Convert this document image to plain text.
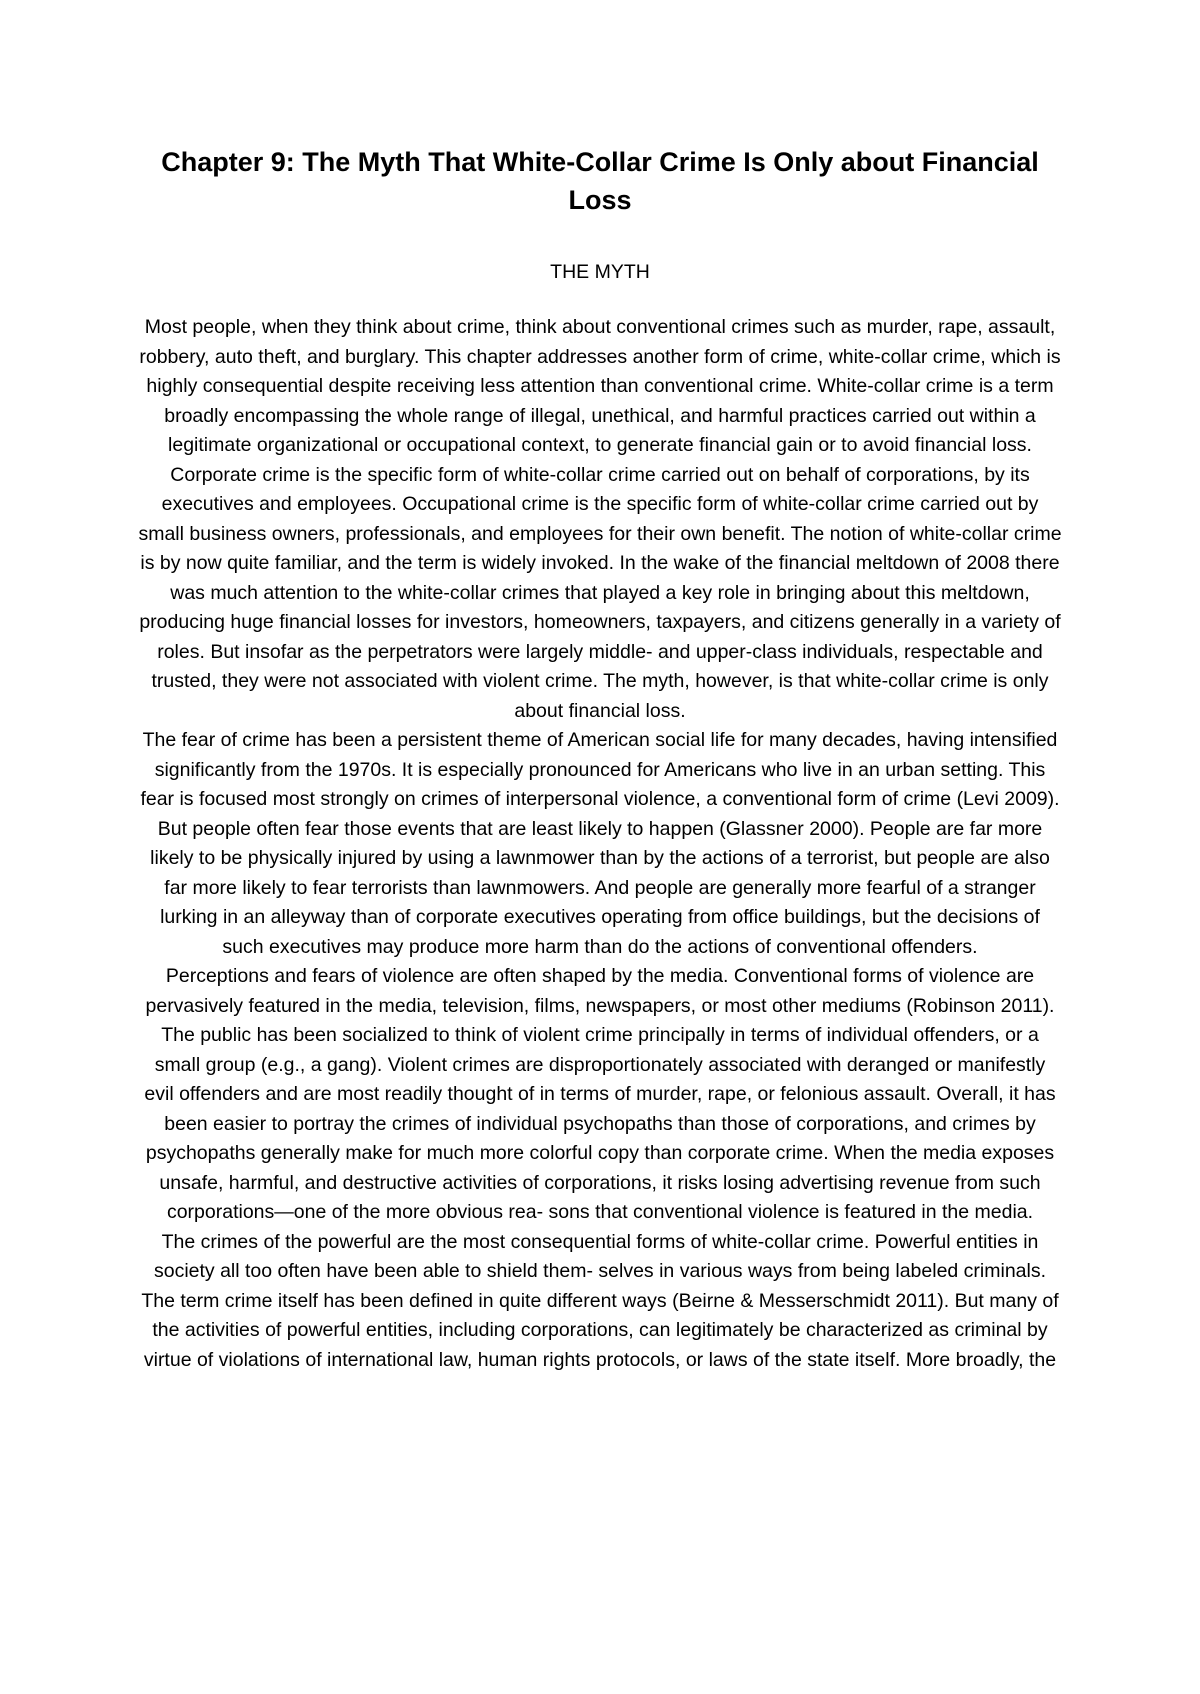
Chapter 9: The Myth That White-Collar Crime Is Only about Financial Loss
THE MYTH

Most people, when they think about crime, think about conventional crimes such as murder, rape, assault, robbery, auto theft, and burglary. This chapter addresses another form of crime, white-collar crime, which is highly consequential despite receiving less attention than conventional crime. White-collar crime is a term broadly encompassing the whole range of illegal, unethical, and harmful practices carried out within a legitimate organizational or occupational context, to generate financial gain or to avoid financial loss. Corporate crime is the specific form of white-collar crime carried out on behalf of corporations, by its executives and employees. Occupational crime is the specific form of white-collar crime carried out by small business owners, professionals, and employees for their own benefit. The notion of white-collar crime is by now quite familiar, and the term is widely invoked. In the wake of the financial meltdown of 2008 there was much attention to the white-collar crimes that played a key role in bringing about this meltdown, producing huge financial losses for investors, homeowners, taxpayers, and citizens generally in a variety of roles. But insofar as the perpetrators were largely middle- and upper-class individuals, respectable and trusted, they were not associated with violent crime. The myth, however, is that white-collar crime is only about financial loss.

The fear of crime has been a persistent theme of American social life for many decades, having intensified significantly from the 1970s. It is especially pronounced for Americans who live in an urban setting. This fear is focused most strongly on crimes of interpersonal violence, a conventional form of crime (Levi 2009). But people often fear those events that are least likely to happen (Glassner 2000). People are far more likely to be physically injured by using a lawnmower than by the actions of a terrorist, but people are also far more likely to fear terrorists than lawnmowers. And people are generally more fearful of a stranger lurking in an alleyway than of corporate executives operating from office buildings, but the decisions of such executives may produce more harm than do the actions of conventional offenders.

Perceptions and fears of violence are often shaped by the media. Conventional forms of violence are pervasively featured in the media, television, films, newspapers, or most other mediums (Robinson 2011). The public has been socialized to think of violent crime principally in terms of individual offenders, or a small group (e.g., a gang). Violent crimes are disproportionately associated with deranged or manifestly evil offenders and are most readily thought of in terms of murder, rape, or felonious assault. Overall, it has been easier to portray the crimes of individual psychopaths than those of corporations, and crimes by psychopaths generally make for much more colorful copy than corporate crime. When the media exposes unsafe, harmful, and destructive activities of corporations, it risks losing advertising revenue from such corporations—one of the more obvious rea- sons that conventional violence is featured in the media.

The crimes of the powerful are the most consequential forms of white-collar crime. Powerful entities in society all too often have been able to shield them- selves in various ways from being labeled criminals. The term crime itself has been defined in quite different ways (Beirne & Messerschmidt 2011). But many of the activities of powerful entities, including corporations, can legitimately be characterized as criminal by virtue of violations of international law, human rights protocols, or laws of the state itself. More broadly, the
